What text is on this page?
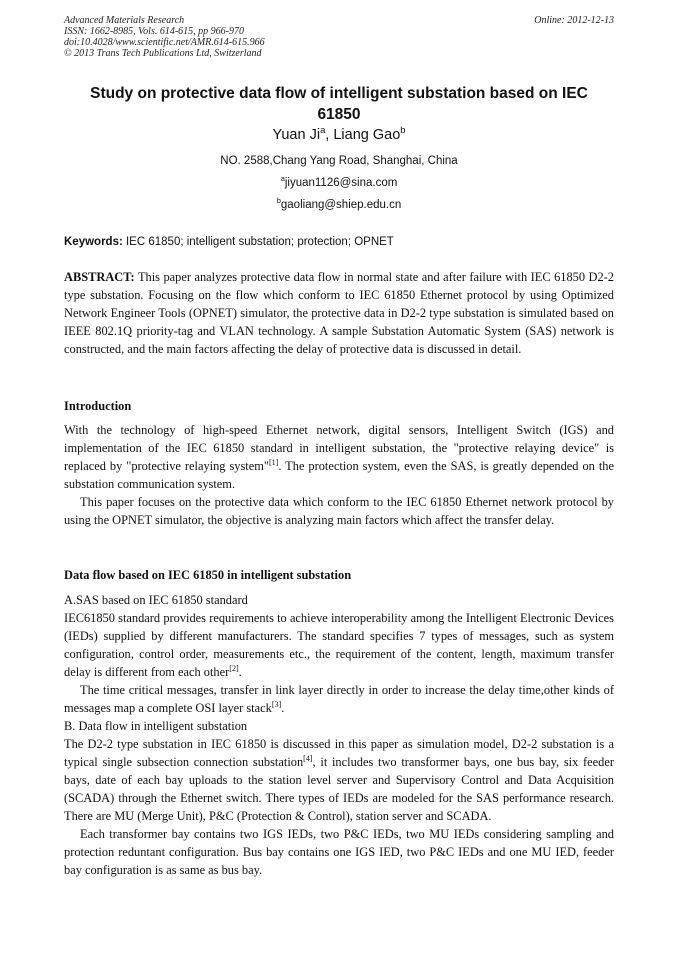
Advanced Materials Research
ISSN: 1662-8985, Vols. 614-615, pp 966-970
doi:10.4028/www.scientific.net/AMR.614-615.966
© 2013 Trans Tech Publications Ltd, Switzerland
Online: 2012-12-13
Study on protective data flow of intelligent substation based on IEC
61850
Yuan Ji$^a$, Liang Gao$^b$
NO. 2588,Chang Yang Road, Shanghai, China
$^a$jiyuan1126@sina.com
$^b$gaoliang@shiep.edu.cn
Keywords: IEC 61850; intelligent substation; protection; OPNET

ABSTRACT: This paper analyzes protective data flow in normal state and after failure with IEC 61850 D2-2 type substation. Focusing on the flow which conform to IEC 61850 Ethernet protocol by using Optimized Network Engineer Tools (OPNET) simulator, the protective data in D2-2 type substation is simulated based on IEEE 802.1Q priority-tag and VLAN technology. A sample Substation Automatic System (SAS) network is constructed, and the main factors affecting the delay of protective data is discussed in detail.

Introduction

With the technology of high-speed Ethernet network, digital sensors, Intelligent Switch (IGS) and implementation of the IEC 61850 standard in intelligent substation, the "protective relaying device" is replaced by "protective relaying system"[1]. The protection system, even the SAS, is greatly depended on the substation communication system.

This paper focuses on the protective data which conform to the IEC 61850 Ethernet network protocol by using the OPNET simulator, the objective is analyzing main factors which affect the transfer delay.

Data flow based on IEC 61850 in intelligent substation

A.SAS based on IEC 61850 standard

IEC61850 standard provides requirements to achieve interoperability among the Intelligent Electronic Devices (IEDs) supplied by different manufacturers. The standard specifies 7 types of messages, such as system configuration, control order, measurements etc., the requirement of the content, length, maximum transfer delay is different from each other[2].

The time critical messages, transfer in link layer directly in order to increase the delay time,other kinds of messages map a complete OSI layer stack[3].

B. Data flow in intelligent substation

The D2-2 type substation in IEC 61850 is discussed in this paper as simulation model, D2-2 substation is a typical single subsection connection substation[4], it includes two transformer bays, one bus bay, six feeder bays, date of each bay uploads to the station level server and Supervisory Control and Data Acquisition (SCADA) through the Ethernet switch. There types of IEDs are modeled for the SAS performance research. There are MU (Merge Unit), P&C (Protection & Control), station server and SCADA.

Each transformer bay contains two IGS IEDs, two P&C IEDs, two MU IEDs considering sampling and protection reduntant configuration. Bus bay contains one IGS IED, two P&C IEDs and one MU IED, feeder bay configuration is as same as bus bay.
